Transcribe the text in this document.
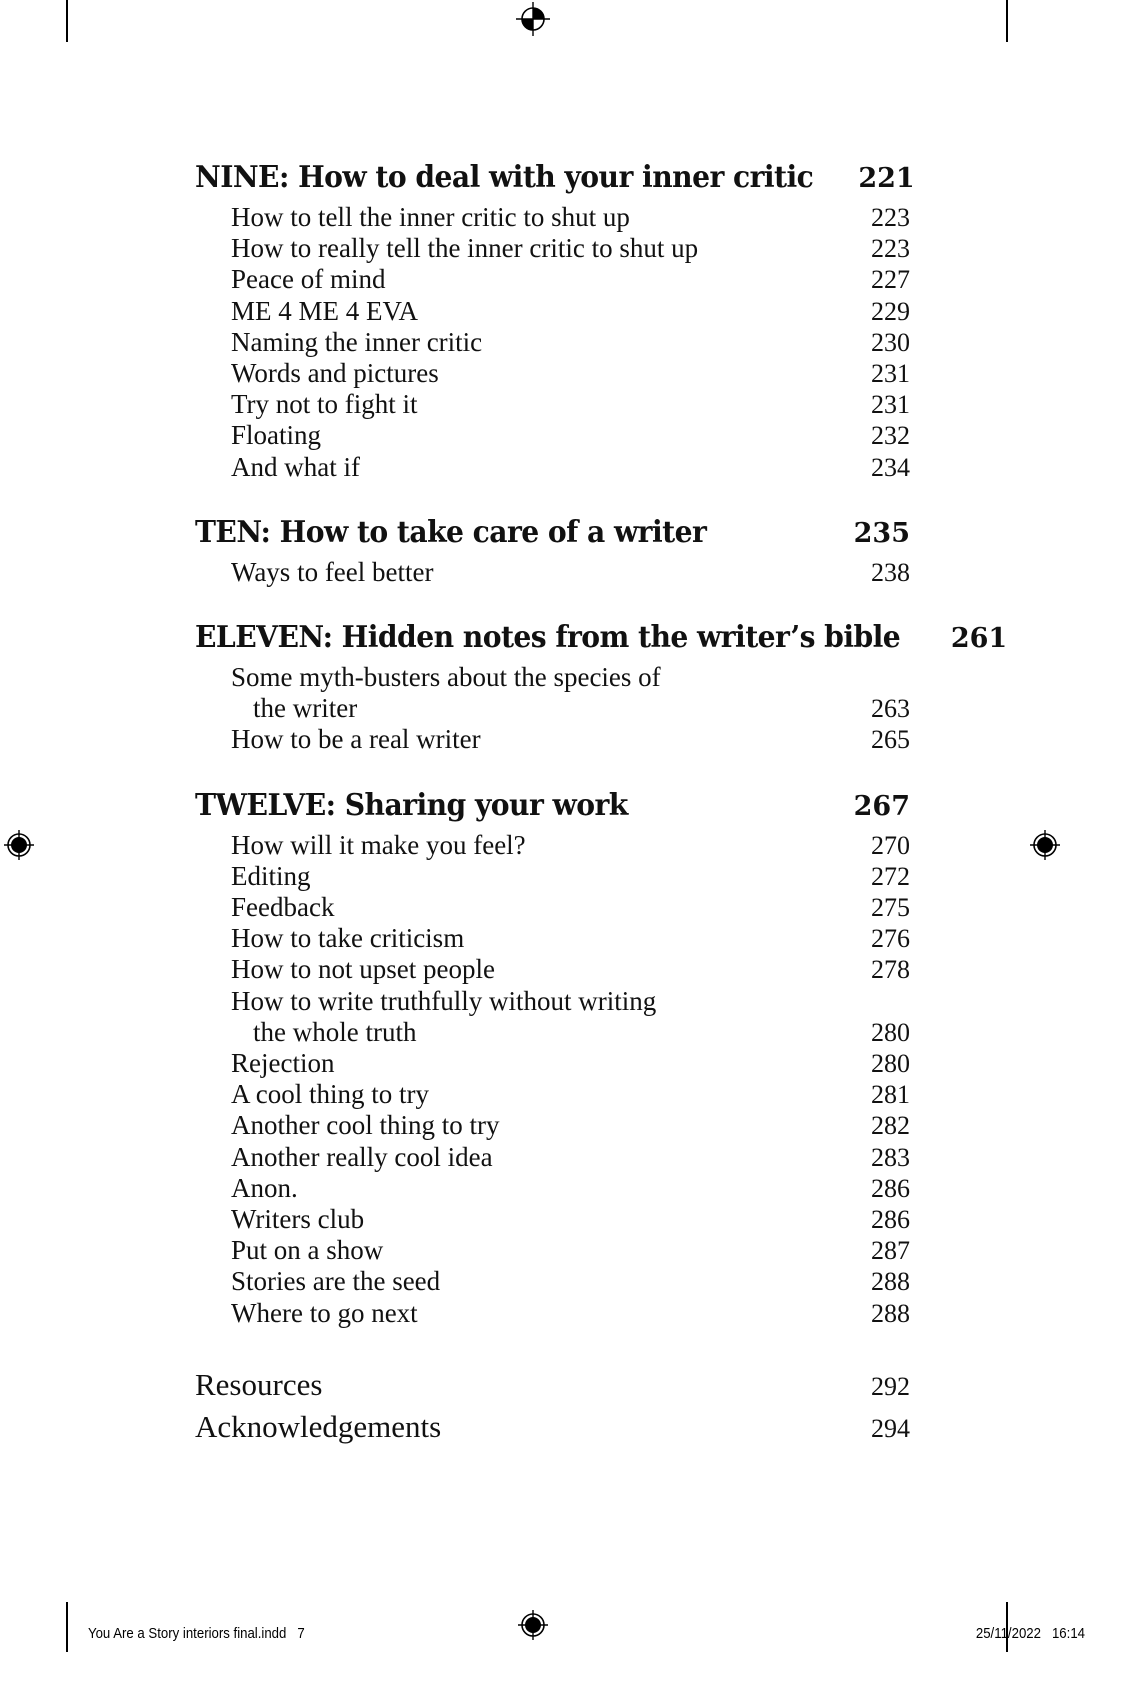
NINE: How to deal with your inner critic 221
How to tell the inner critic to shut up	223
How to really tell the inner critic to shut up	223
Peace of mind	227
ME 4 ME 4 EVA	229
Naming the inner critic	230
Words and pictures	231
Try not to fight it	231
Floating	232
And what if	234
TEN: How to take care of a writer	235
Ways to feel better	238
ELEVEN: Hidden notes from the writer’s bible 261
Some myth-busters about the species of
the writer	263
How to be a real writer	265
TWELVE: Sharing your work	267
How will it make you feel?	270
Editing	272
Feedback	275
How to take criticism	276
How to not upset people	278
How to write truthfully without writing
the whole truth	280
Rejection	280
A cool thing to try	281
Another cool thing to try	282
Another really cool idea	283
Anon.	286
Writers club	286
Put on a show	287
Stories are the seed	288
Where to go next	288
Resources	292
Acknowledgements	294
You Are a Story interiors final.indd   7	25/11/2022   16:14
